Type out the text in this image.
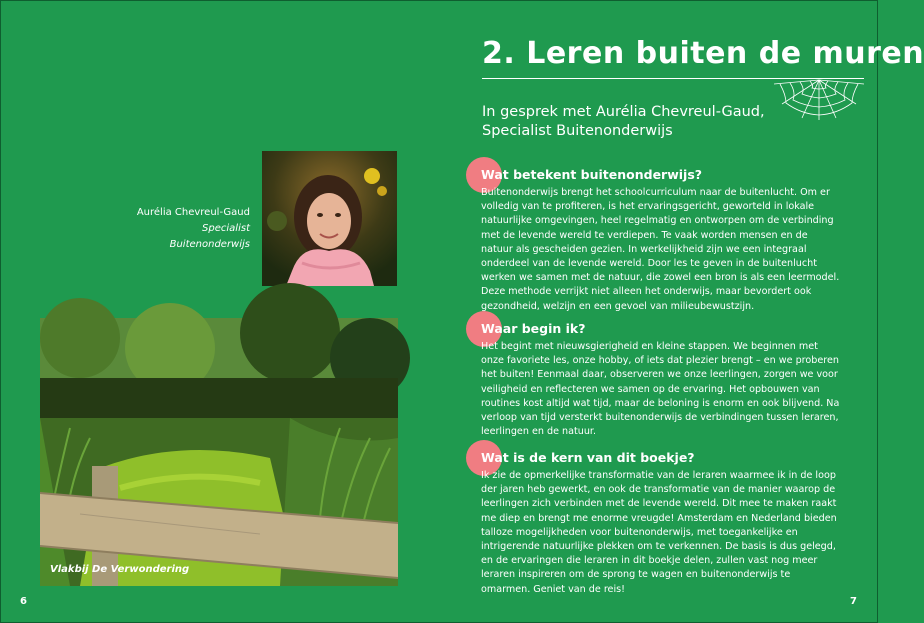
2. Leren buiten de muren
In gesprek met Aurélia Chevreul-Gaud,
Specialist Buitenonderwijs
Aurélia Chevreul-Gaud
Specialist
Buitenonderwijs
Vlakbij De Verwondering
Wat betekent buitenonderwijs?

Buitenonderwijs brengt het schoolcurriculum naar de buitenlucht. Om er volledig van te profiteren, is het ervaringsgericht, geworteld in lokale natuurlijke omgevingen, heel regelmatig en ontworpen om de verbinding met de levende wereld te verdiepen. Te vaak worden mensen en de natuur als gescheiden gezien. In werkelijkheid zijn we een integraal onderdeel van de levende wereld. Door les te geven in de buitenlucht werken we samen met de natuur, die zowel een bron is als een leermodel. Deze methode verrijkt niet alleen het onderwijs, maar bevordert ook gezondheid, welzijn en een gevoel van milieubewustzijn.

Waar begin ik?

Het begint met nieuwsgierigheid en kleine stappen. We beginnen met onze favoriete les, onze hobby, of iets dat plezier brengt – en we proberen het buiten! Eenmaal daar, observeren we onze leerlingen, zorgen we voor veiligheid en reflecteren we samen op de ervaring. Het opbouwen van routines kost altijd wat tijd, maar de beloning is enorm en ook blijvend. Na verloop van tijd versterkt buitenonderwijs de verbindingen tussen leraren, leerlingen en de natuur.

Wat is de kern van dit boekje?

Ik zie de opmerkelijke transformatie van de leraren waarmee ik in de loop der jaren heb gewerkt, en ook de transformatie van de manier waarop de leerlingen zich verbinden met de levende wereld. Dit mee te maken raakt me diep en brengt me enorme vreugde! Amsterdam en Nederland bieden talloze mogelijkheden voor buitenonderwijs, met toegankelijke en intrigerende natuurlijke plekken om te verkennen. De basis is dus gelegd, en de ervaringen die leraren in dit boekje delen, zullen vast nog meer leraren inspireren om de sprong te wagen en buitenonderwijs te omarmen. Geniet van de reis!

6	7
